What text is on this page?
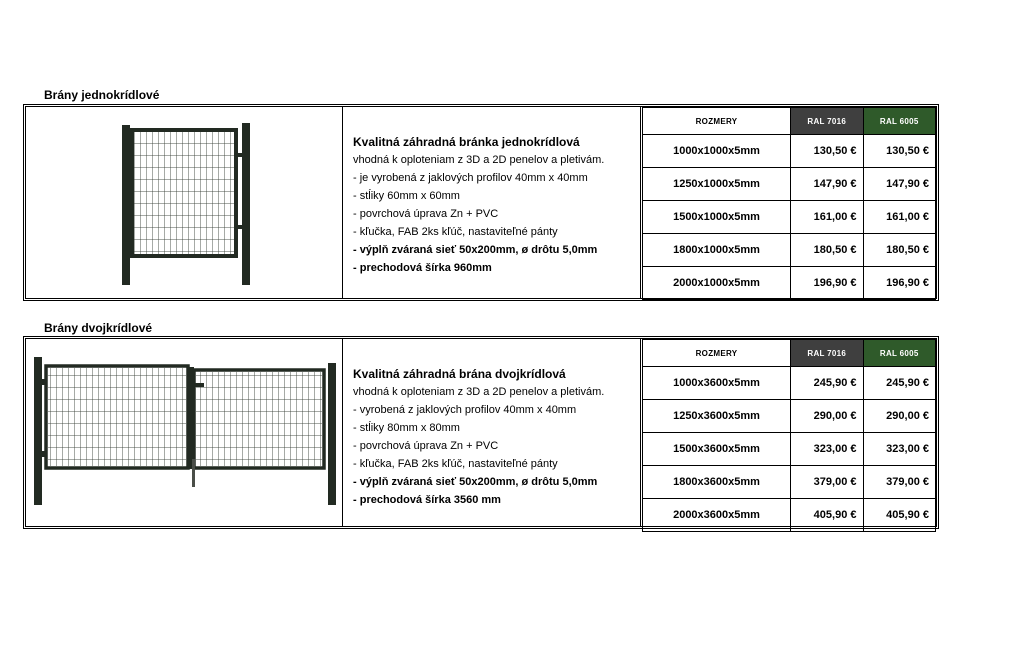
Brány jednokrídlové
Kvalitná záhradná bránka jednokrídlová
vhodná k oploteniam z 3D a 2D penelov a pletivám.
- je vyrobená z jaklových profilov 40mm x 40mm
- stĺiky 60mm x 60mm
- povrchová úprava Zn + PVC
- kľučka, FAB 2ks kľúč, nastaviteľné pánty
- výplň zváraná sieť 50x200mm, ø drôtu 5,0mm
- prechodová šírka 960mm
ROZMERY	RAL 7016	RAL 6005
1000x1000x5mm	130,50 €	130,50 €
1250x1000x5mm	147,90 €	147,90 €
1500x1000x5mm	161,00 €	161,00 €
1800x1000x5mm	180,50 €	180,50 €
2000x1000x5mm	196,90 €	196,90 €
Brány dvojkrídlové
Kvalitná záhradná brána dvojkrídlová
vhodná k oploteniam z 3D a 2D penelov a pletivám.
- vyrobená z jaklových profilov 40mm x 40mm
- stĺiky 80mm x 80mm
- povrchová úprava Zn + PVC
- kľučka, FAB 2ks kľúč, nastaviteľné pánty
- výplň zváraná sieť 50x200mm, ø drôtu 5,0mm
- prechodová šírka 3560 mm
ROZMERY	RAL 7016	RAL 6005
1000x3600x5mm	245,90 €	245,90 €
1250x3600x5mm	290,00 €	290,00 €
1500x3600x5mm	323,00 €	323,00 €
1800x3600x5mm	379,00 €	379,00 €
2000x3600x5mm	405,90 €	405,90 €
